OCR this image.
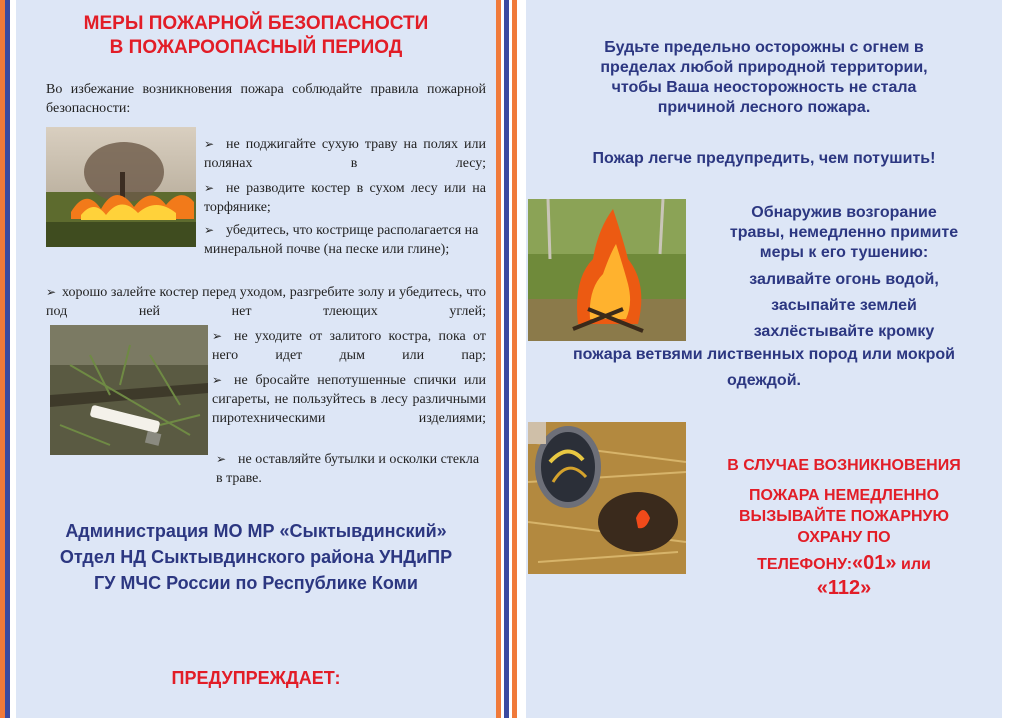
МЕРЫ ПОЖАРНОЙ БЕЗОПАСНОСТИ
В ПОЖАРООПАСНЫЙ ПЕРИОД
Во избежание возникновения пожара соблюдайте правила пожарной безопасности:
➢ не поджигайте сухую траву на полях или полянах в лесу;
➢ не разводите костер в сухом лесу или на торфянике;
➢ убедитесь, что кострище располагается на минеральной почве (на песке или глине);
➢ хорошо залейте костер перед уходом, разгребите золу и убедитесь, что под ней нет тлеющих углей;
➢ не уходите от залитого костра, пока от него идет дым или пар;
➢ не бросайте непотушенные спички или сигареты, не пользуйтесь в лесу различными пиротехническими изделиями;
➢ не оставляйте бутылки и осколки стекла в траве.
Администрация МО МР «Сыктывдинский»
Отдел НД Сыктывдинского района УНДиПР
ГУ МЧС России по Республике Коми
ПРЕДУПРЕЖДАЕТ:
Будьте предельно осторожны с огнем в
пределах любой природной территории,
чтобы Ваша неосторожность не стала
причиной лесного пожара.
Пожар легче предупредить, чем потушить!
Обнаружив возгорание
травы, немедленно примите
меры к его тушению:
заливайте огонь водой,
засыпайте землей
захлёстывайте кромку
пожара ветвями лиственных пород или мокрой
одеждой.
В СЛУЧАЕ ВОЗНИКНОВЕНИЯ
ПОЖАРА НЕМЕДЛЕННО
ВЫЗЫВАЙТЕ ПОЖАРНУЮ
ОХРАНУ ПО
ТЕЛЕФОНУ:«01» или
«112»
